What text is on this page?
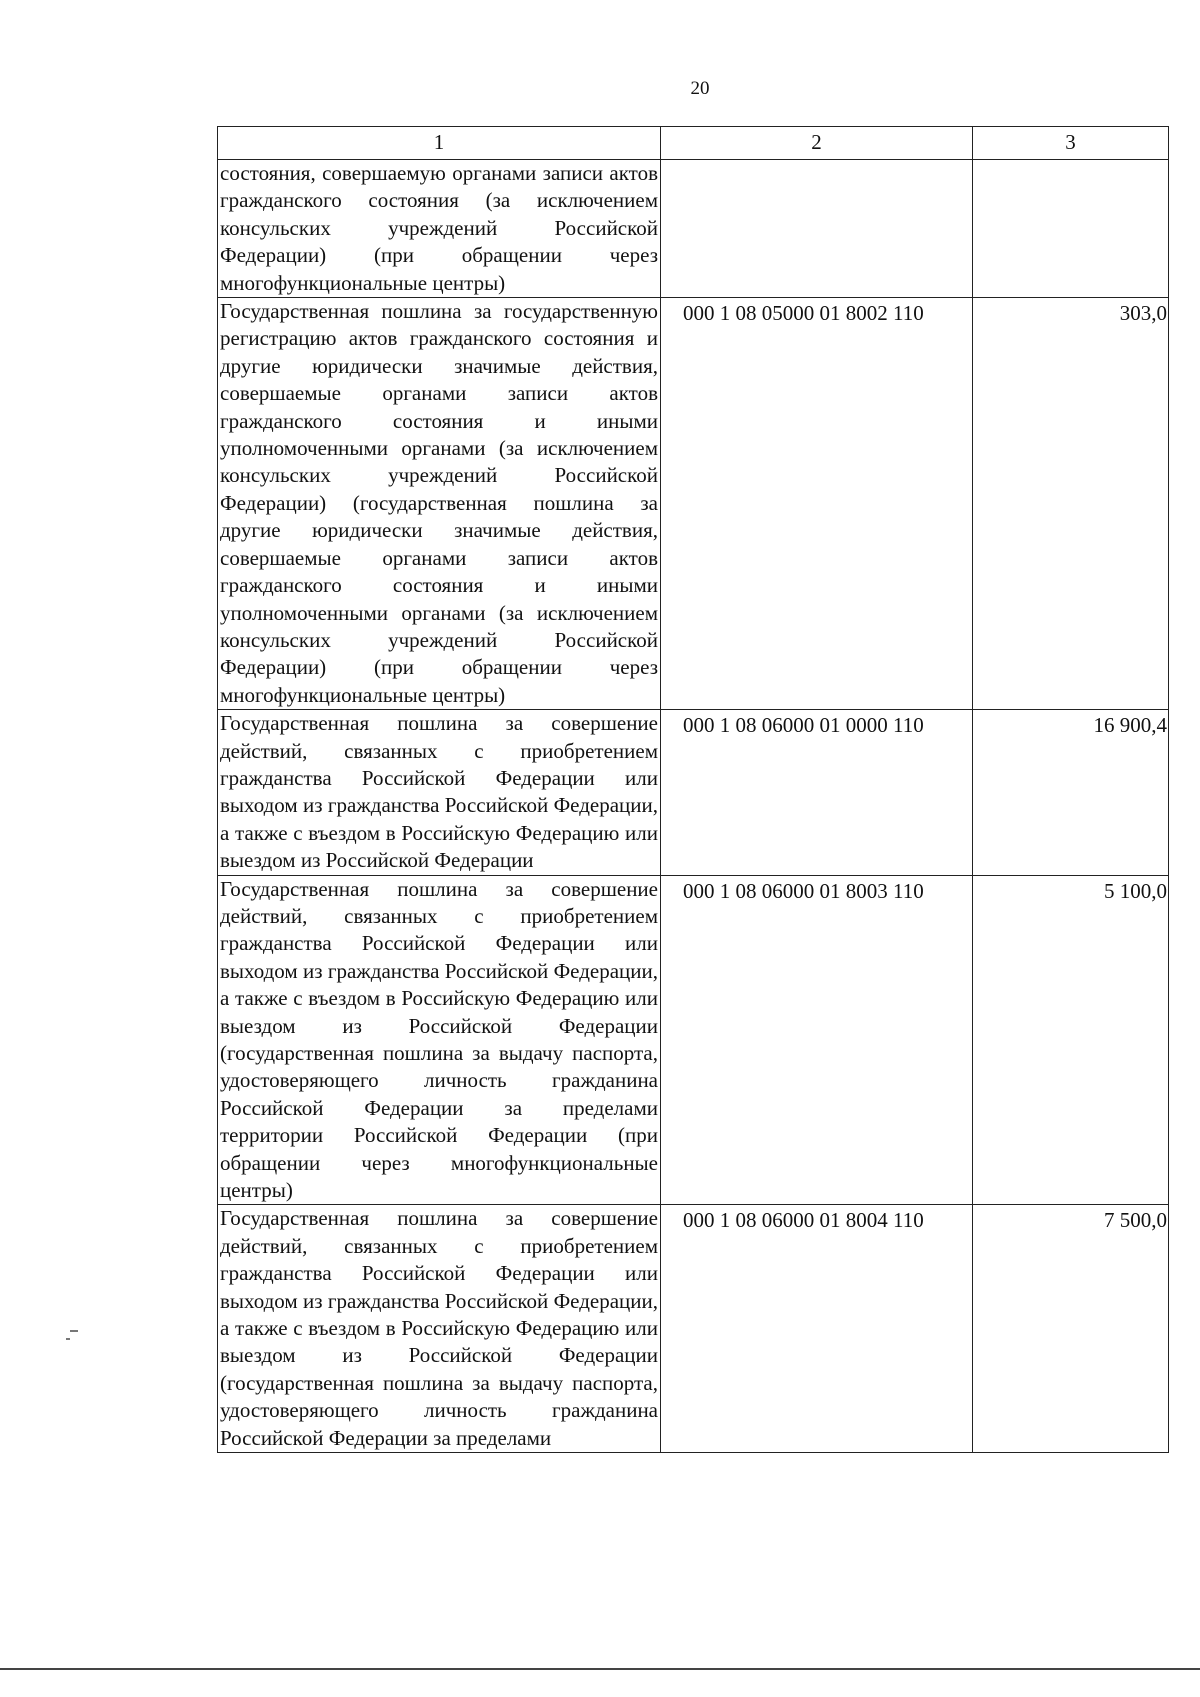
20
1	2	3
состояния, совершаемую органами записи актов гражданского состояния (за исключением консульских учреждений Российской Федерации) (при обращении через многофункциональные центры)		
Государственная пошлина за государственную регистрацию актов гражданского состояния и другие юридически значимые действия, совершаемые органами записи актов гражданского состояния и иными уполномоченными органами (за исключением консульских учреждений Российской Федерации) (государственная пошлина за другие юридически значимые действия, совершаемые органами записи актов гражданского состояния и иными уполномоченными органами (за исключением консульских учреждений Российской Федерации) (при обращении через многофункциональные центры)	000 1 08 05000 01 8002 110	303,0
Государственная пошлина за совершение действий, связанных с приобретением гражданства Российской Федерации или выходом из гражданства Российской Федерации, а также с въездом в Российскую Федерацию или выездом из Российской Федерации	000 1 08 06000 01 0000 110	16 900,4
Государственная пошлина за совершение действий, связанных с приобретением гражданства Российской Федерации или выходом из гражданства Российской Федерации, а также с въездом в Российскую Федерацию или выездом из Российской Федерации (государственная пошлина за выдачу паспорта, удостоверяющего личность гражданина Российской Федерации за пределами территории Российской Федерации (при обращении через многофункциональные центры)	000 1 08 06000 01 8003 110	5 100,0
Государственная пошлина за совершение действий, связанных с приобретением гражданства Российской Федерации или выходом из гражданства Российской Федерации, а также с въездом в Российскую Федерацию или выездом из Российской Федерации (государственная пошлина за выдачу паспорта, удостоверяющего личность гражданина Российской Федерации за пределами	000 1 08 06000 01 8004 110	7 500,0
